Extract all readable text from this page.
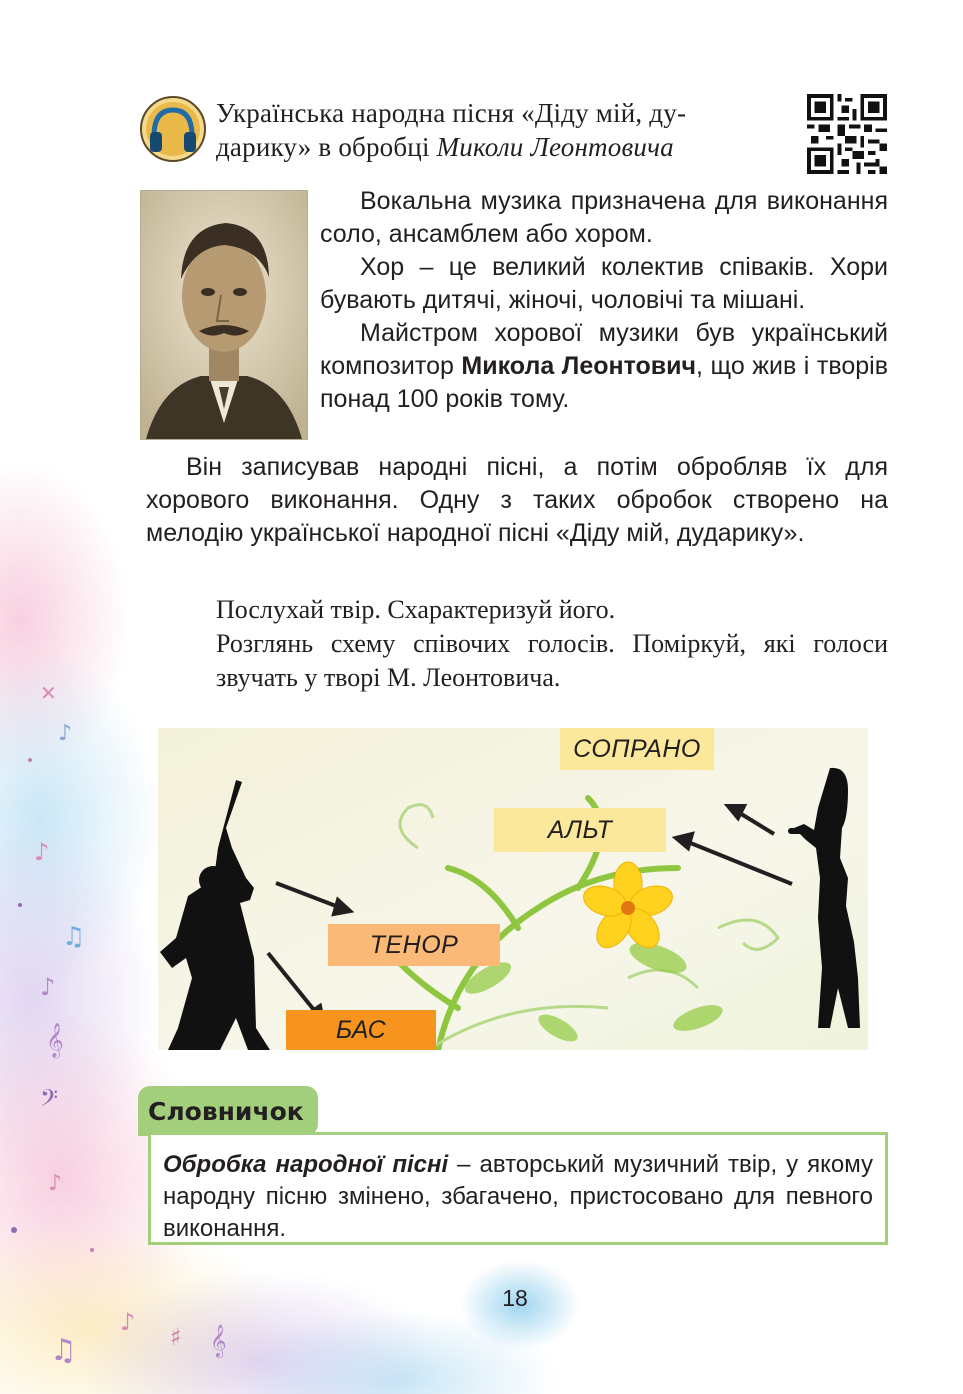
✕
♪
♪
♫
♪
𝄞
𝄢
♪
♫
♪
♯ 𝄞
Українська народна пісня «Діду мій, ду-
дарику» в обробці Миколи Леонтовича

Вокальна музика призначена для виконання соло, ансамблем або хором.

Хор – це великий колектив співаків. Хори бувають дитячі, жіночі, чоловічі та мішані.

Майстром хорової музики був український композитор Микола Леонтович, що жив і творів понад 100 років тому.

Він записував народні пісні, а потім обробляв їх для хорового виконання. Одну з таких обробок створено на мелодію української народної пісні «Діду мій, дударику».

Послухай твір. Схарактеризуй його.

Розглянь схему співочих голосів. Поміркуй, які голоси звучать у творі М. Леонтовича.

СОПРАНО
АЛЬТ
ТЕНОР
БАС
Словничок
Обробка народної пісні – авторський музичний твір, у якому народну пісню змінено, збагачено, пристосовано для певного виконання.
18
